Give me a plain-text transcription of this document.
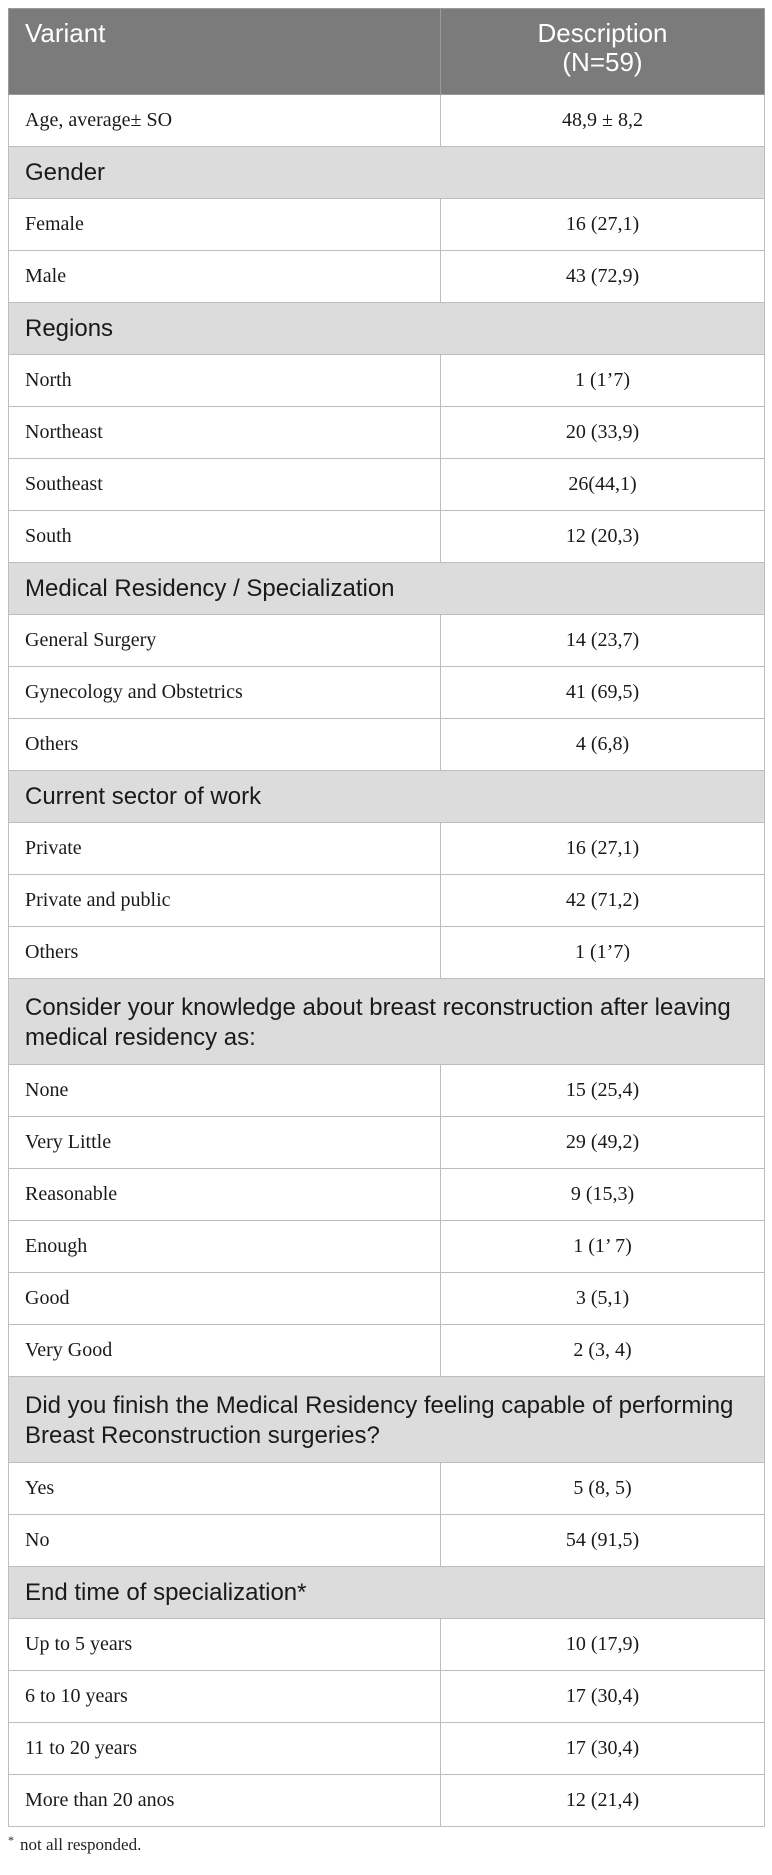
Variant	Description
(N=59)
Age, average± SO	48,9 ± 8,2
Gender	
Female	16 (27,1)
Male	43 (72,9)
Regions	
North	1 (1’7)
Northeast	20 (33,9)
Southeast	26(44,1)
South	12 (20,3)
Medical Residency / Specialization	
General Surgery	14 (23,7)
Gynecology and Obstetrics	41 (69,5)
Others	4 (6,8)
Current sector of work	
Private	16 (27,1)
Private and public	42 (71,2)
Others	1 (1’7)
Consider your knowledge about breast reconstruction after leaving medical residency as:	
None	15 (25,4)
Very Little	29 (49,2)
Reasonable	9 (15,3)
Enough	1 (1’ 7)
Good	3 (5,1)
Very Good	2 (3, 4)
Did you finish the Medical Residency feeling capable of performing Breast Reconstruction surgeries?	
Yes	5 (8, 5)
No	54 (91,5)
End time of specialization*	
Up to 5 years	10 (17,9)
6 to 10 years	17 (30,4)
11 to 20 years	17 (30,4)
More than 20 anos	12 (21,4)
* not all responded.
